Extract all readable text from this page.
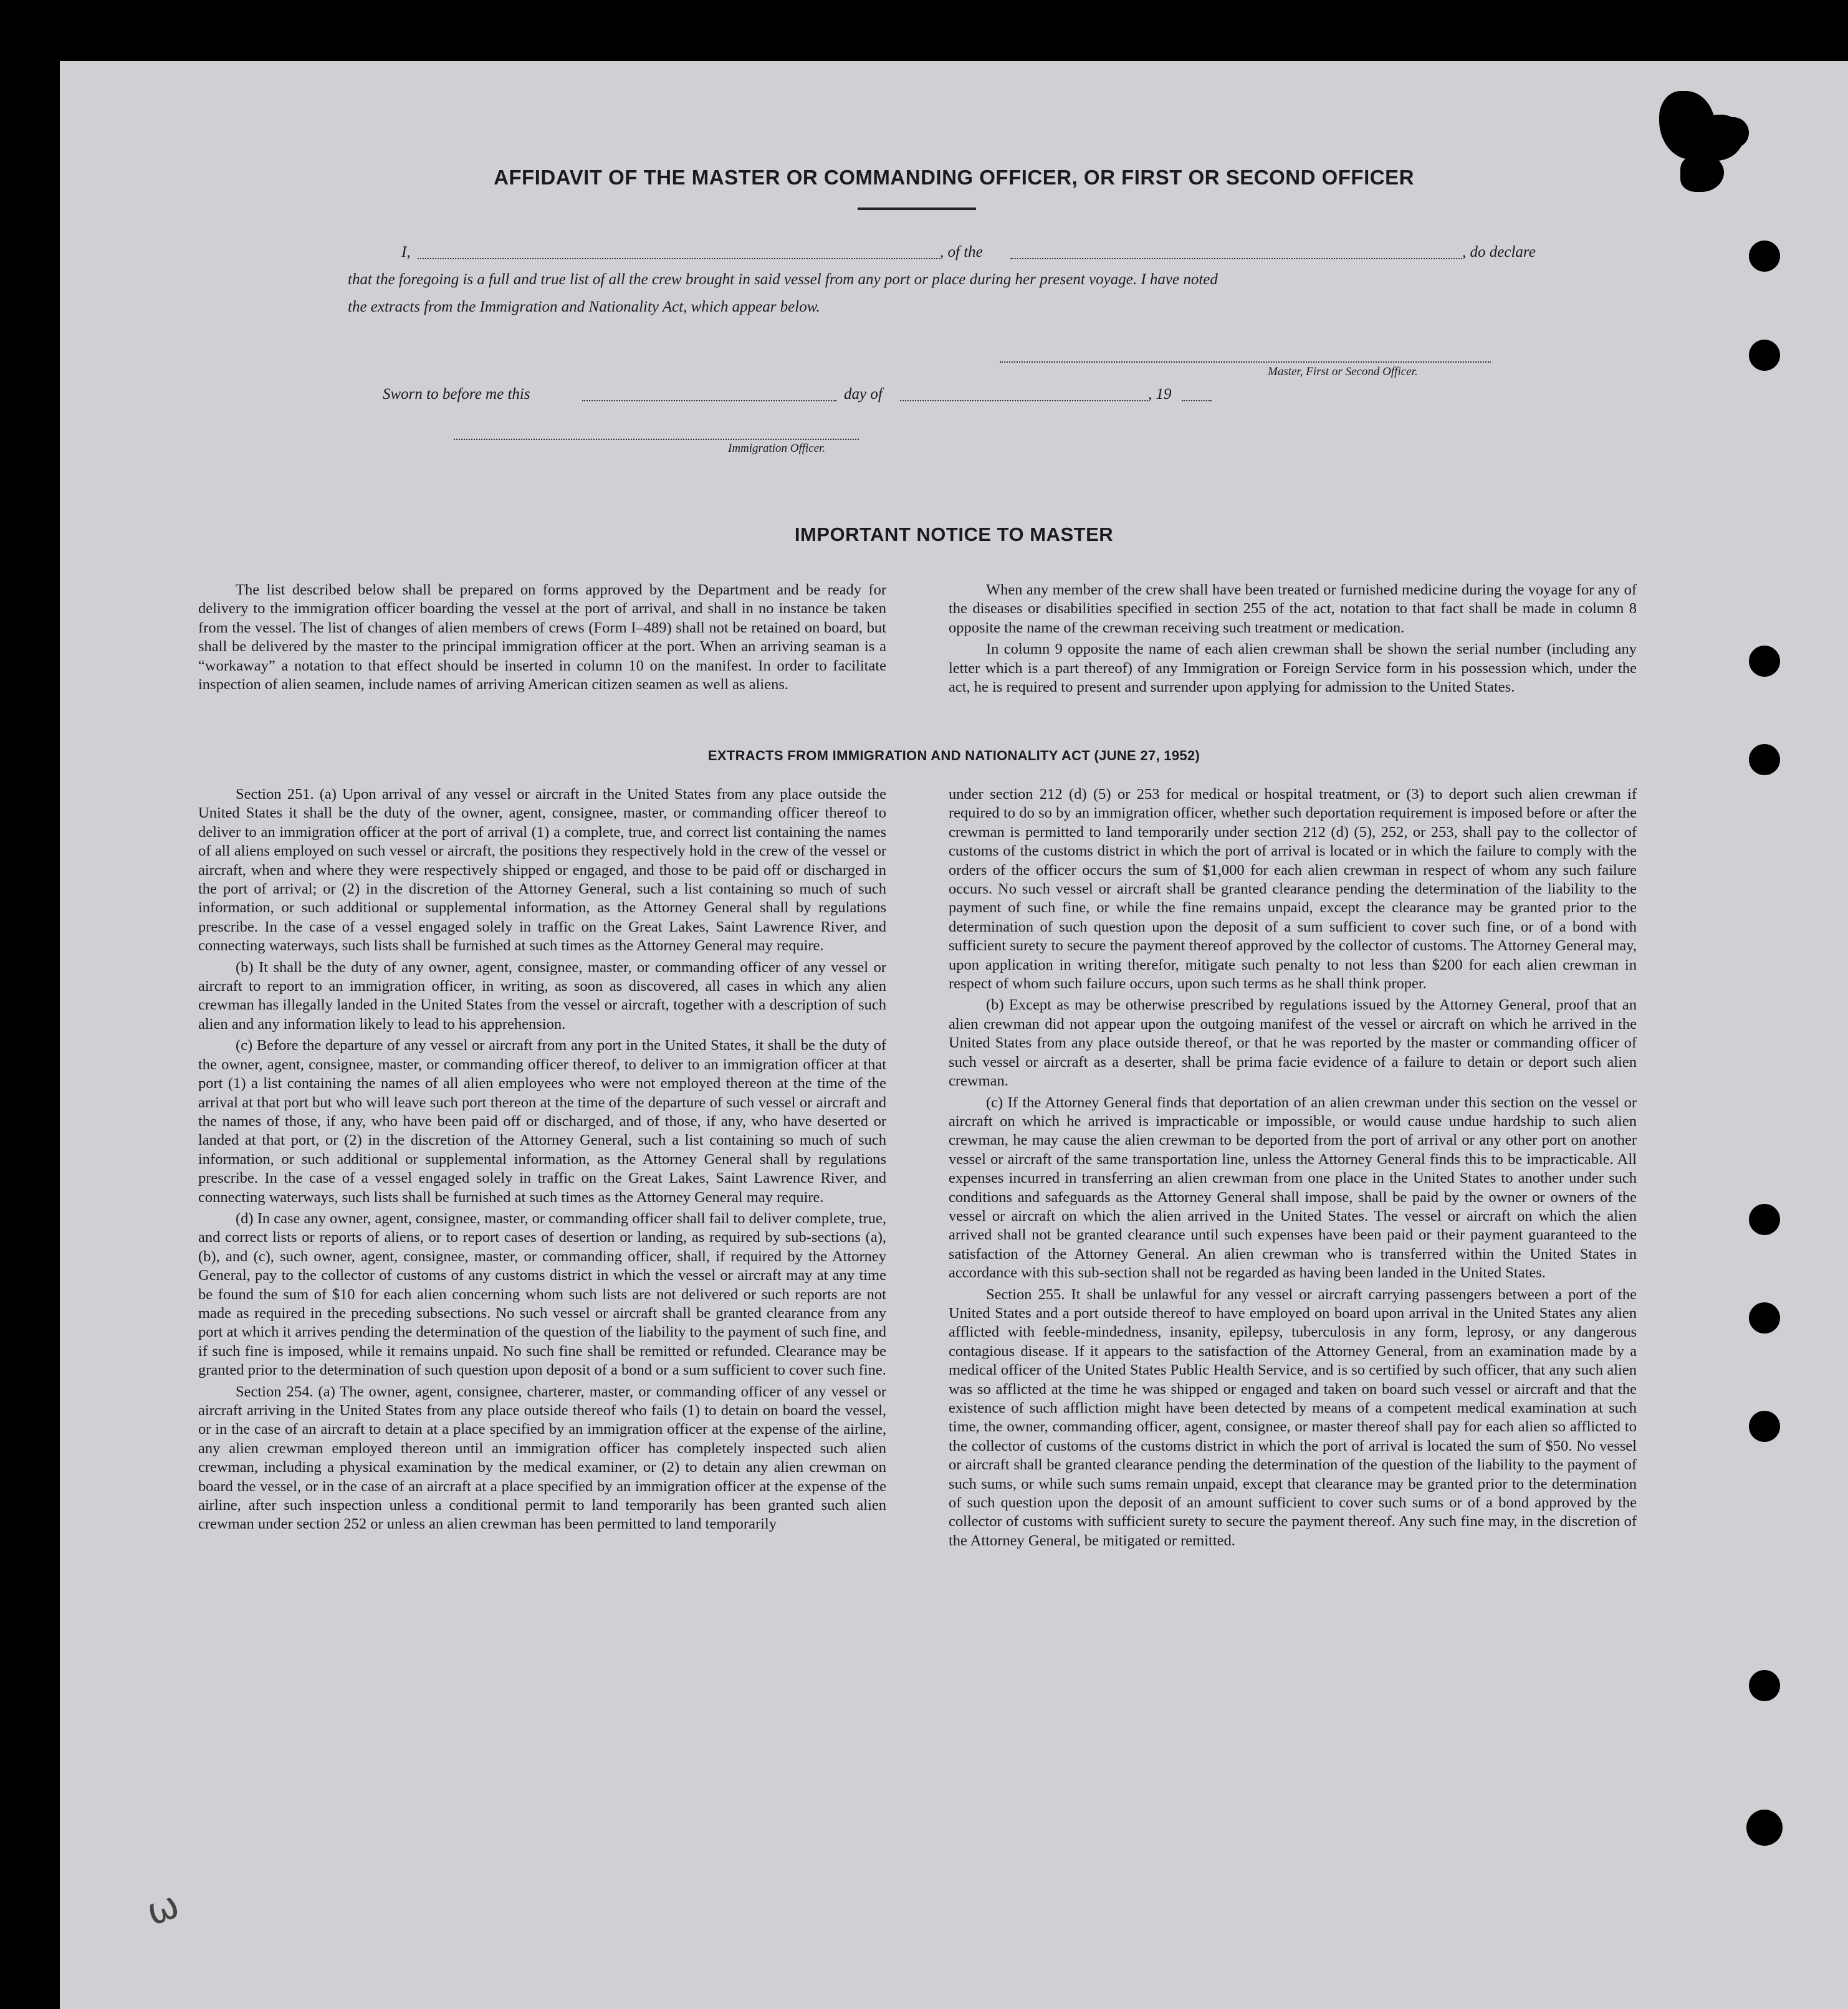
AFFIDAVIT OF THE MASTER OR COMMANDING OFFICER, OR FIRST OR SECOND OFFICER
I,	, of the	, do declare
that the foregoing is a full and true list of all the crew brought in said vessel from any port or place during her present voyage. I have noted
the extracts from the Immigration and Nationality Act, which appear below.
Master, First or Second Officer.
Sworn to before me this	day of	, 19
Immigration Officer.
IMPORTANT NOTICE TO MASTER

The list described below shall be prepared on forms approved by the Department and be ready for delivery to the immigration officer boarding the vessel at the port of arrival, and shall in no instance be taken from the vessel. The list of changes of alien members of crews (Form I–489) shall not be retained on board, but shall be delivered by the master to the principal immigration officer at the port. When an arriving seaman is a “workaway” a notation to that effect should be inserted in column 10 on the manifest. In order to facilitate inspection of alien seamen, include names of arriving American citizen seamen as well as aliens.

When any member of the crew shall have been treated or furnished medicine during the voyage for any of the diseases or disabilities specified in section 255 of the act, notation to that fact shall be made in column 8 opposite the name of the crewman receiving such treatment or medication.

In column 9 opposite the name of each alien crewman shall be shown the serial number (including any letter which is a part thereof) of any Immigration or Foreign Service form in his possession which, under the act, he is required to present and surrender upon applying for admission to the United States.

EXTRACTS FROM IMMIGRATION AND NATIONALITY ACT (JUNE 27, 1952)

Section 251. (a) Upon arrival of any vessel or aircraft in the United States from any place outside the United States it shall be the duty of the owner, agent, consignee, master, or commanding officer thereof to deliver to an immigration officer at the port of arrival (1) a complete, true, and correct list containing the names of all aliens employed on such vessel or aircraft, the positions they respectively hold in the crew of the vessel or aircraft, when and where they were respectively shipped or engaged, and those to be paid off or discharged in the port of arrival; or (2) in the discretion of the Attorney General, such a list containing so much of such information, or such additional or supplemental information, as the Attorney General shall by regulations prescribe. In the case of a vessel engaged solely in traffic on the Great Lakes, Saint Lawrence River, and connecting waterways, such lists shall be furnished at such times as the Attorney General may require.

(b) It shall be the duty of any owner, agent, consignee, master, or commanding officer of any vessel or aircraft to report to an immigration officer, in writing, as soon as discovered, all cases in which any alien crewman has illegally landed in the United States from the vessel or aircraft, together with a description of such alien and any information likely to lead to his apprehension.

(c) Before the departure of any vessel or aircraft from any port in the United States, it shall be the duty of the owner, agent, consignee, master, or commanding officer thereof, to deliver to an immigration officer at that port (1) a list containing the names of all alien employees who were not employed thereon at the time of the arrival at that port but who will leave such port thereon at the time of the departure of such vessel or aircraft and the names of those, if any, who have been paid off or discharged, and of those, if any, who have deserted or landed at that port, or (2) in the discretion of the Attorney General, such a list containing so much of such information, or such additional or supplemental information, as the Attorney General shall by regulations prescribe. In the case of a vessel engaged solely in traffic on the Great Lakes, Saint Lawrence River, and connecting waterways, such lists shall be furnished at such times as the Attorney General may require.

(d) In case any owner, agent, consignee, master, or commanding officer shall fail to deliver complete, true, and correct lists or reports of aliens, or to report cases of desertion or landing, as required by sub-sections (a), (b), and (c), such owner, agent, consignee, master, or commanding officer, shall, if required by the Attorney General, pay to the collector of customs of any customs district in which the vessel or aircraft may at any time be found the sum of $10 for each alien concerning whom such lists are not delivered or such reports are not made as required in the preceding subsections. No such vessel or aircraft shall be granted clearance from any port at which it arrives pending the determination of the question of the liability to the payment of such fine, and if such fine is imposed, while it remains unpaid. No such fine shall be remitted or refunded. Clearance may be granted prior to the determination of such question upon deposit of a bond or a sum sufficient to cover such fine.

Section 254. (a) The owner, agent, consignee, charterer, master, or commanding officer of any vessel or aircraft arriving in the United States from any place outside thereof who fails (1) to detain on board the vessel, or in the case of an aircraft to detain at a place specified by an immigration officer at the expense of the airline, any alien crewman employed thereon until an immigration officer has completely inspected such alien crewman, including a physical examination by the medical examiner, or (2) to detain any alien crewman on board the vessel, or in the case of an aircraft at a place specified by an immigration officer at the expense of the airline, after such inspection unless a conditional permit to land temporarily has been granted such alien crewman under section 252 or unless an alien crewman has been permitted to land temporarily

under section 212 (d) (5) or 253 for medical or hospital treatment, or (3) to deport such alien crewman if required to do so by an immigration officer, whether such deportation requirement is imposed before or after the crewman is permitted to land temporarily under section 212 (d) (5), 252, or 253, shall pay to the collector of customs of the customs district in which the port of arrival is located or in which the failure to comply with the orders of the officer occurs the sum of $1,000 for each alien crewman in respect of whom any such failure occurs. No such vessel or aircraft shall be granted clearance pending the determination of the liability to the payment of such fine, or while the fine remains unpaid, except the clearance may be granted prior to the determination of such question upon the deposit of a sum sufficient to cover such fine, or of a bond with sufficient surety to secure the payment thereof approved by the collector of customs. The Attorney General may, upon application in writing therefor, mitigate such penalty to not less than $200 for each alien crewman in respect of whom such failure occurs, upon such terms as he shall think proper.

(b) Except as may be otherwise prescribed by regulations issued by the Attorney General, proof that an alien crewman did not appear upon the outgoing manifest of the vessel or aircraft on which he arrived in the United States from any place outside thereof, or that he was reported by the master or commanding officer of such vessel or aircraft as a deserter, shall be prima facie evidence of a failure to detain or deport such alien crewman.

(c) If the Attorney General finds that deportation of an alien crewman under this section on the vessel or aircraft on which he arrived is impracticable or impossible, or would cause undue hardship to such alien crewman, he may cause the alien crewman to be deported from the port of arrival or any other port on another vessel or aircraft of the same transportation line, unless the Attorney General finds this to be impracticable. All expenses incurred in transferring an alien crewman from one place in the United States to another under such conditions and safeguards as the Attorney General shall impose, shall be paid by the owner or owners of the vessel or aircraft on which the alien arrived in the United States. The vessel or aircraft on which the alien arrived shall not be granted clearance until such expenses have been paid or their payment guaranteed to the satisfaction of the Attorney General. An alien crewman who is transferred within the United States in accordance with this sub-section shall not be regarded as having been landed in the United States.

Section 255. It shall be unlawful for any vessel or aircraft carrying passengers between a port of the United States and a port outside thereof to have employed on board upon arrival in the United States any alien afflicted with feeble-mindedness, insanity, epilepsy, tuberculosis in any form, leprosy, or any dangerous contagious disease. If it appears to the satisfaction of the Attorney General, from an examination made by a medical officer of the United States Public Health Service, and is so certified by such officer, that any such alien was so afflicted at the time he was shipped or engaged and taken on board such vessel or aircraft and that the existence of such affliction might have been detected by means of a competent medical examination at such time, the owner, commanding officer, agent, consignee, or master thereof shall pay for each alien so afflicted to the collector of customs of the customs district in which the port of arrival is located the sum of $50. No vessel or aircraft shall be granted clearance pending the determination of the question of the liability to the payment of such sums, or while such sums remain unpaid, except that clearance may be granted prior to the determination of such question upon the deposit of an amount sufficient to cover such sums or of a bond approved by the collector of customs with sufficient surety to secure the payment thereof. Any such fine may, in the discretion of the Attorney General, be mitigated or remitted.

ω
